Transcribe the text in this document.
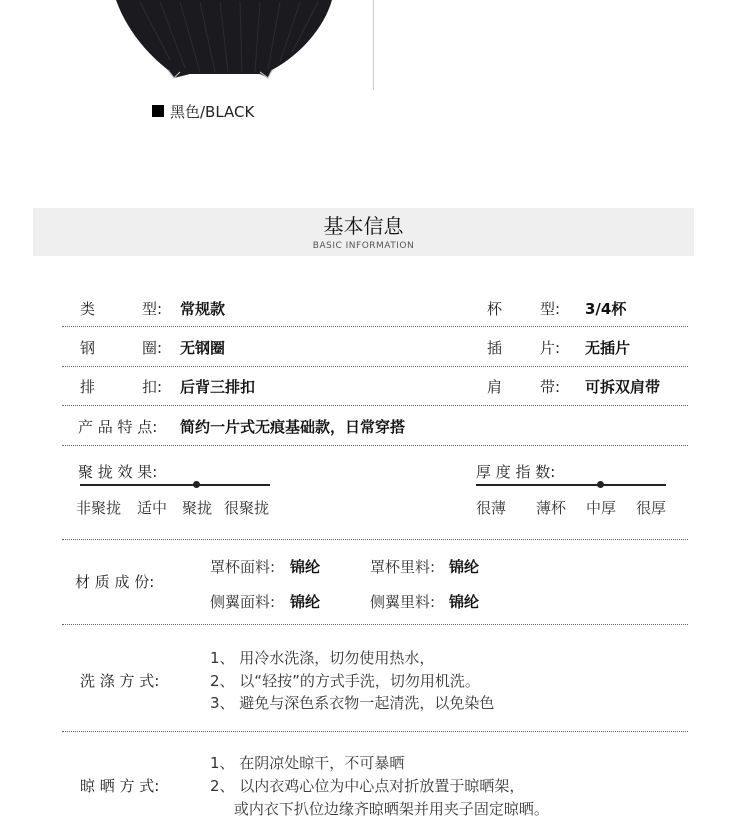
黑色/BLACK
基本信息
BASIC INFORMATION
类	型: 常规款	杯	型: 3/4杯
钢	圈: 无钢圈	插	片: 无插片
排	扣: 后背三排扣	肩	带: 可拆双肩带
产 品 特 点: 简约一片式无痕基础款，日常穿搭
聚 拢 效 果:
非聚拢 适中 聚拢 很聚拢
厚 度 指 数:
很薄 薄杯 中厚 很厚
材 质 成 份:
罩杯面料: 锦纶	罩杯里料: 锦纶
侧翼面料: 锦纶	侧翼里料: 锦纶
洗 涤 方 式:
1、 用冷水洗涤，切勿使用热水，
2、 以“轻按”的方式手洗，切勿用机洗。
3、 避免与深色系衣物一起清洗，以免染色
晾 晒 方 式:
1、 在阴凉处晾干，不可暴晒
2、 以内衣鸡心位为中心点对折放置于晾晒架，
或内衣下扒位边缘齐晾晒架并用夹子固定晾晒。
